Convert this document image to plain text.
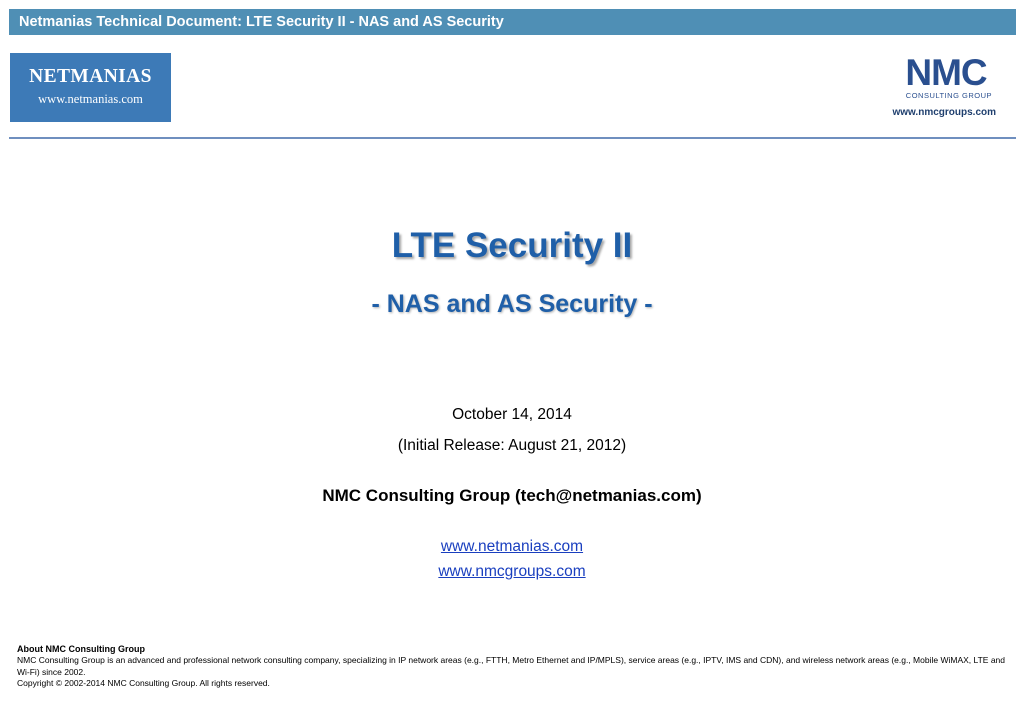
Netmanias Technical Document: LTE Security II - NAS and AS Security
NETMANIAS
www.netmanias.com
NMC
CONSULTING GROUP
www.nmcgroups.com
LTE Security II
- NAS and AS Security -
October 14, 2014
(Initial Release: August 21, 2012)
NMC Consulting Group (tech@netmanias.com)
www.netmanias.com
www.nmcgroups.com
About NMC Consulting Group
NMC Consulting Group is an advanced and professional network consulting company, specializing in IP network areas (e.g., FTTH, Metro Ethernet and IP/MPLS), service areas (e.g., IPTV, IMS and CDN), and wireless network areas (e.g., Mobile WiMAX, LTE and Wi-Fi) since 2002.
Copyright © 2002-2014 NMC Consulting Group. All rights reserved.
